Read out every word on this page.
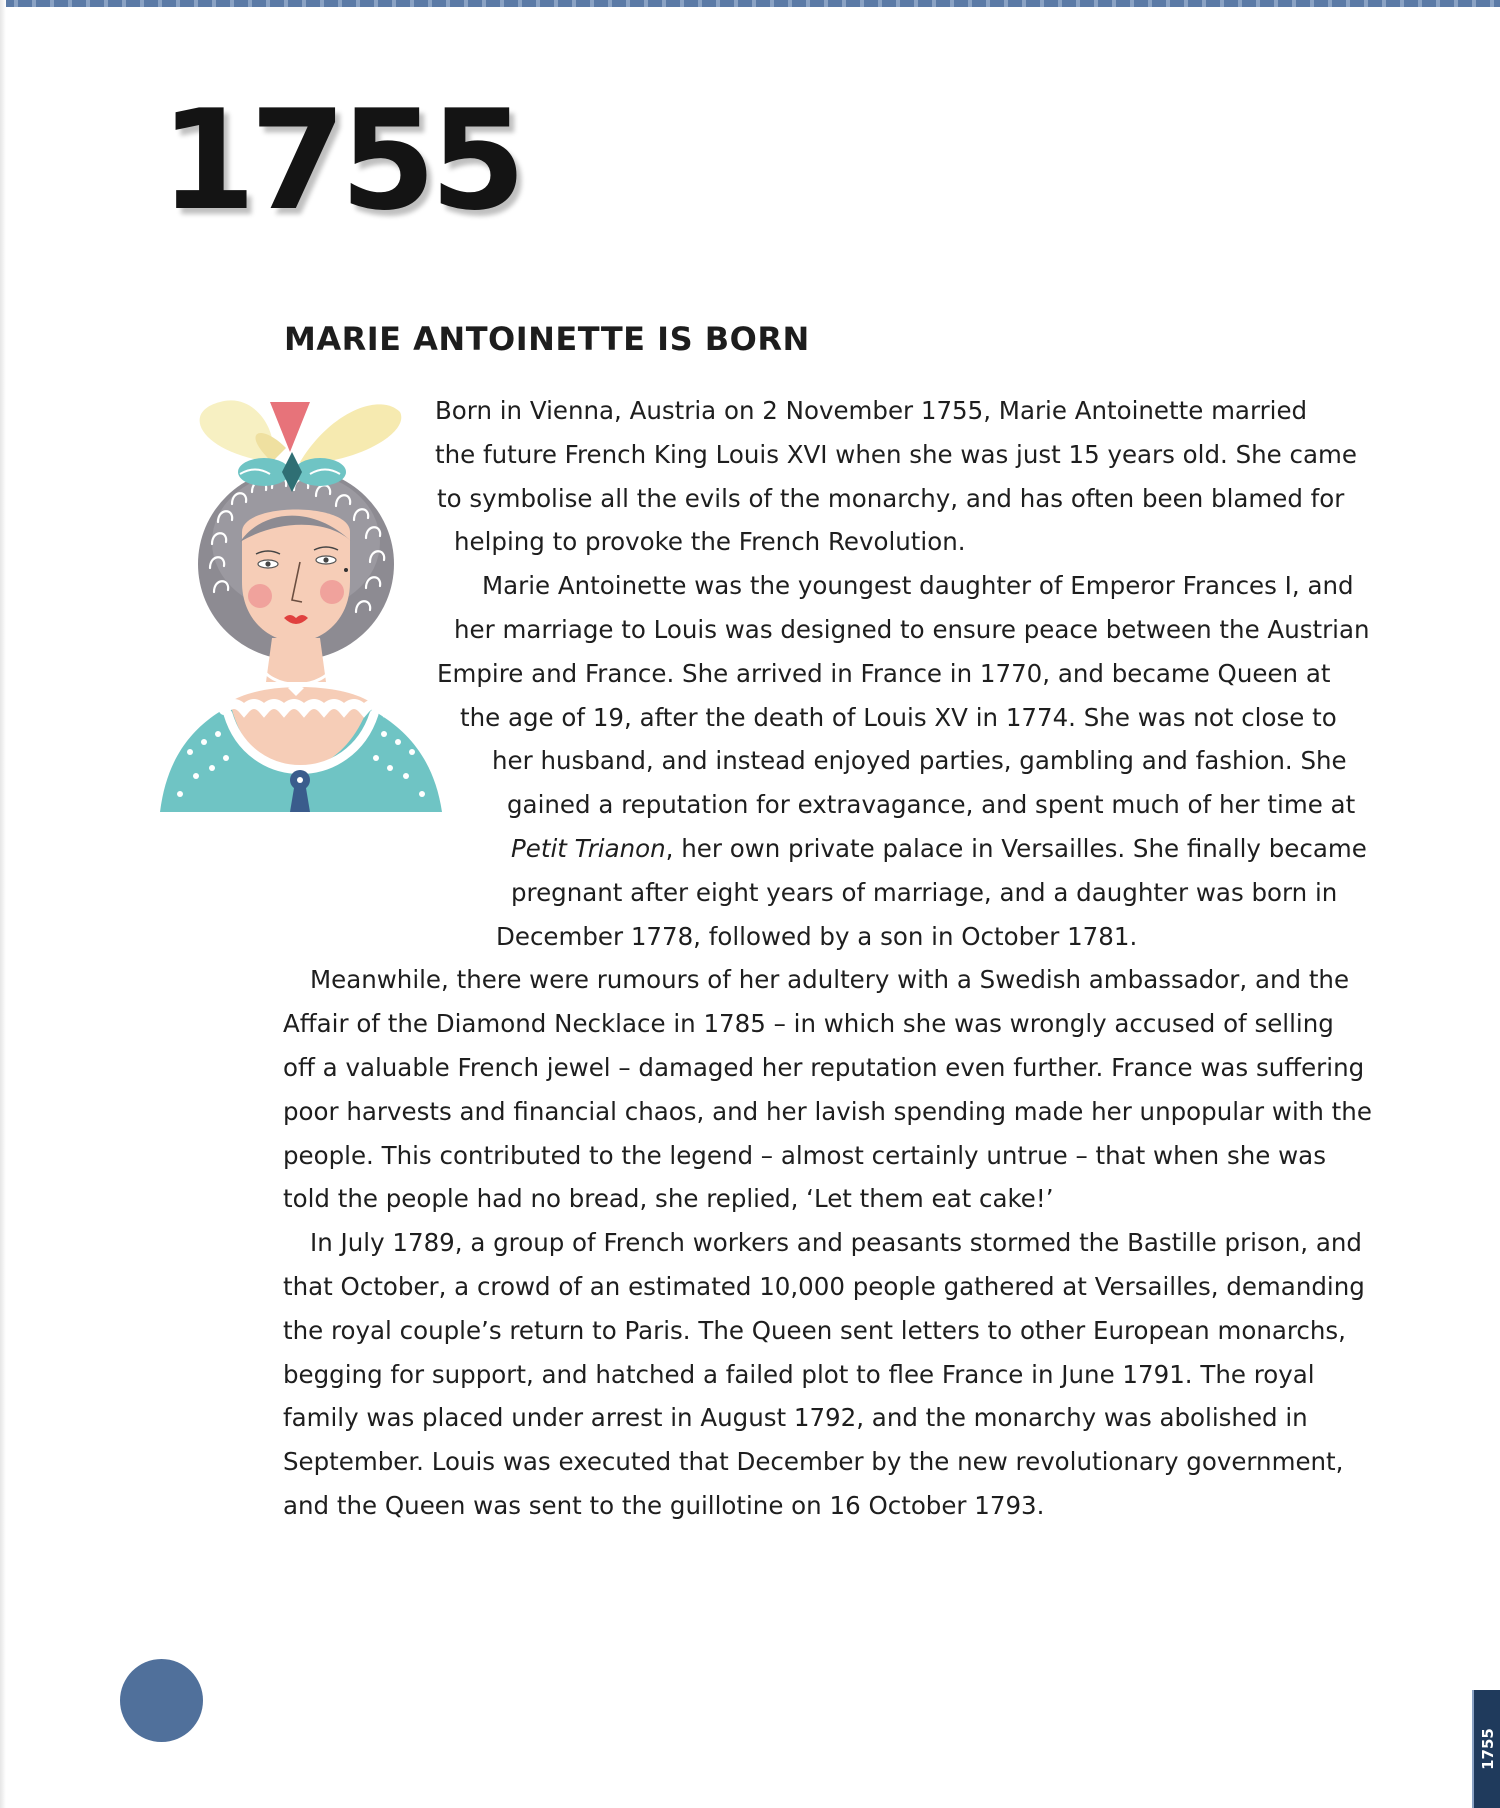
1755
MARIE ANTOINETTE IS BORN
Born in Vienna, Austria on 2 November 1755, Marie Antoinette married
the future French King Louis XVI when she was just 15 years old. She came
to symbolise all the evils of the monarchy, and has often been blamed for
helping to provoke the French Revolution.
Marie Antoinette was the youngest daughter of Emperor Frances I, and
her marriage to Louis was designed to ensure peace between the Austrian
Empire and France. She arrived in France in 1770, and became Queen at
the age of 19, after the death of Louis XV in 1774. She was not close to
her husband, and instead enjoyed parties, gambling and fashion. She
gained a reputation for extravagance, and spent much of her time at
Petit Trianon, her own private palace in Versailles. She finally became
pregnant after eight years of marriage, and a daughter was born in
December 1778, followed by a son in October 1781.
Meanwhile, there were rumours of her adultery with a Swedish ambassador, and the
Affair of the Diamond Necklace in 1785 – in which she was wrongly accused of selling
off a valuable French jewel – damaged her reputation even further. France was suffering
poor harvests and financial chaos, and her lavish spending made her unpopular with the
people. This contributed to the legend – almost certainly untrue – that when she was
told the people had no bread, she replied, ‘Let them eat cake!’
In July 1789, a group of French workers and peasants stormed the Bastille prison, and
that October, a crowd of an estimated 10,000 people gathered at Versailles, demanding
the royal couple’s return to Paris. The Queen sent letters to other European monarchs,
begging for support, and hatched a failed plot to flee France in June 1791. The royal
family was placed under arrest in August 1792, and the monarchy was abolished in
September. Louis was executed that December by the new revolutionary government,
and the Queen was sent to the guillotine on 16 October 1793.
1755
